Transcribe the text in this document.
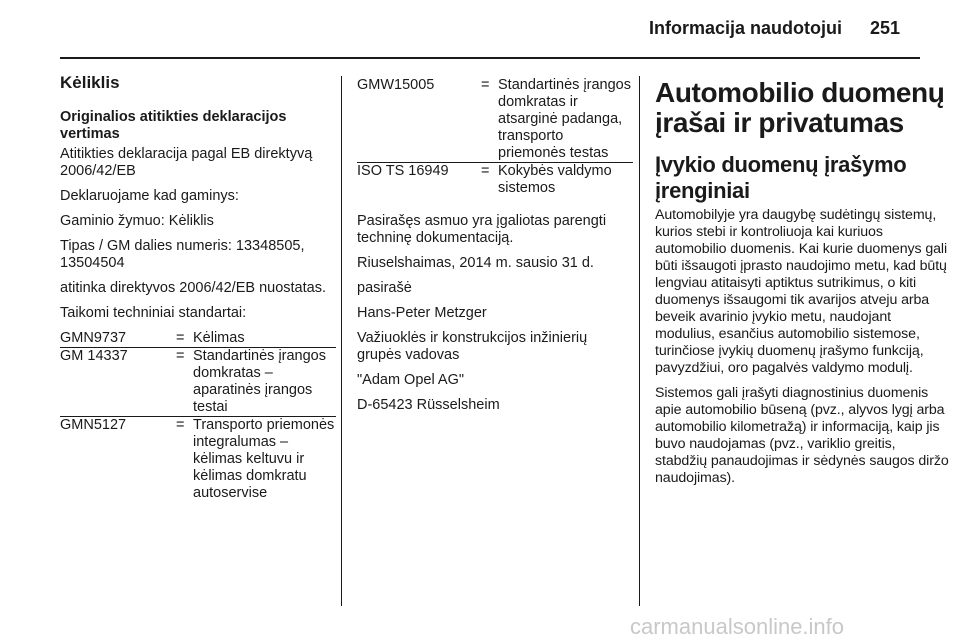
Informacija naudotojui 251
Kėliklis
Originalios atitikties deklaracijos vertimas

Atitikties deklaracija pagal EB direktyvą 2006/42/EB

Deklaruojame kad gaminys:

Gaminio žymuo: Kėliklis

Tipas / GM dalies numeris: 13348505, 13504504

atitinka direktyvos 2006/42/EB nuostatas.

Taikomi techniniai standartai:

GMN9737	=	Kėlimas
GM 14337	=	Standartinės įrangos domkratas – aparatinės įrangos testai
GMN5127	=	Transporto priemonės integralumas – kėlimas keltuvu ir kėlimas domkratu autoservise
GMW15005	=	Standartinės įrangos domkratas ir atsarginė padanga, transporto priemonės testas
ISO TS 16949	=	Kokybės valdymo sistemos

Pasirašęs asmuo yra įgaliotas parengti techninę dokumentaciją.

Riuselshaimas, 2014 m. sausio 31 d.

pasirašė

Hans-Peter Metzger

Važiuoklės ir konstrukcijos inžinierių grupės vadovas

"Adam Opel AG"

D-65423 Rüsselsheim

Automobilio duomenų įrašai ir privatumas
Įvykio duomenų įrašymo įrenginiai

Automobilyje yra daugybę sudėtingų sistemų, kurios stebi ir kontroliuoja kai kuriuos automobilio duomenis. Kai kurie duomenys gali būti išsaugoti įprasto naudojimo metu, kad būtų lengviau atitaisyti aptiktus sutrikimus, o kiti duomenys išsaugomi tik avarijos atveju arba beveik avarinio įvykio metu, naudojant modulius, esančius automobilio sistemose, turinčiose įvykių duomenų įrašymo funkciją, pavyzdžiui, oro pagalvės valdymo modulį.

Sistemos gali įrašyti diagnostinius duomenis apie automobilio būseną (pvz., alyvos lygį arba automobilio kilometražą) ir informaciją, kaip jis buvo naudojamas (pvz., variklio greitis, stabdžių panaudojimas ir sėdynės saugos diržo naudojimas).

carmanualsonline.info
